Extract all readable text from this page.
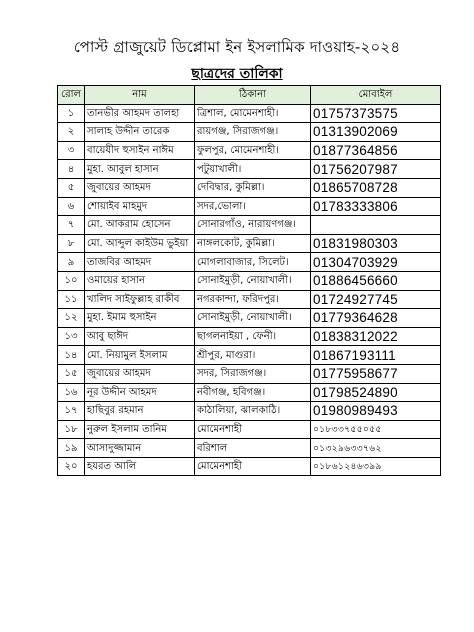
পোস্ট গ্রাজুয়েট ডিপ্লোমা ইন ইসলামিক দাওয়াহ-২০২৪
ছাত্রদের তালিকা
রোল	নাম	ঠিকানা	মোবাইল
১	তানভীর আহমদ তালহা	ত্রিশাল, মোমেনশাহী।	01757373575
২	সালাহ উদ্দীন তারেক	রায়গঞ্জ, সিরাজগঞ্জ।	01313902069
৩	বায়েযীদ হুসাইন নাঈম	ফুলপুর, মোমেনশাহী।	01877364856
৪	মুহা. আবুল হাসান	পটুয়াখালী।	01756207987
৫	জুবায়ের আহমদ	দেবিদ্বার, কুমিল্লা।	01865708728
৬	শোয়াইব মাহমুদ	সদর,ভোলা।	01783333806
৭	মো. আকরাম হোসেন	সোনারগাঁও, নারায়ণগঞ্জ।	
৮	মো. আব্দুল কাইউম ভুইয়া	নাঙ্গলকোট, কুমিল্লা।	01831980303
৯	তাজবির আহমদ	মোগলাবাজার, সিলেট।	01304703929
১০	ওমায়ের হাসান	সোনাইমুড়ী, নোয়াখালী।	01886456660
১১	খালিদ সাইফুল্লাহ রাকীব	নগরকান্দা, ফরিদপুর।	01724927745
১২	মুহা. ইমাম হুসাইন	সোনাইমুড়ী, নোয়াখালী।	01779364628
১৩	আবু ছাঈদ	ছাগলনাইয়া , ফেনী।	01838312022
১৪	মো. নিয়ামুল ইসলাম	শ্রীপুর, মাগুরা।	01867193111
১৫	জুবায়ের আহমদ	সদর, সিরাজগঞ্জ।	01775958677
১৬	নূর উদ্দীন আহমদ	নবীগঞ্জ, হবিগঞ্জ।	01798524890
১৭	হাছিবুর রহমান	কাঠালিয়া, ঝালকাঠি।	01980989493
১৮	নুরুল ইসলাম তানিম	মোমেনশাহী	০১৮৩৩৭৫৫০৫৫
১৯	আসাদুজ্জামান	বরিশাল	০১৩২৯৬৩৩৭৬২
২০	হযরত আলি	মোমেনশাহী	০১৮৬১২৪৬৩৯৯
